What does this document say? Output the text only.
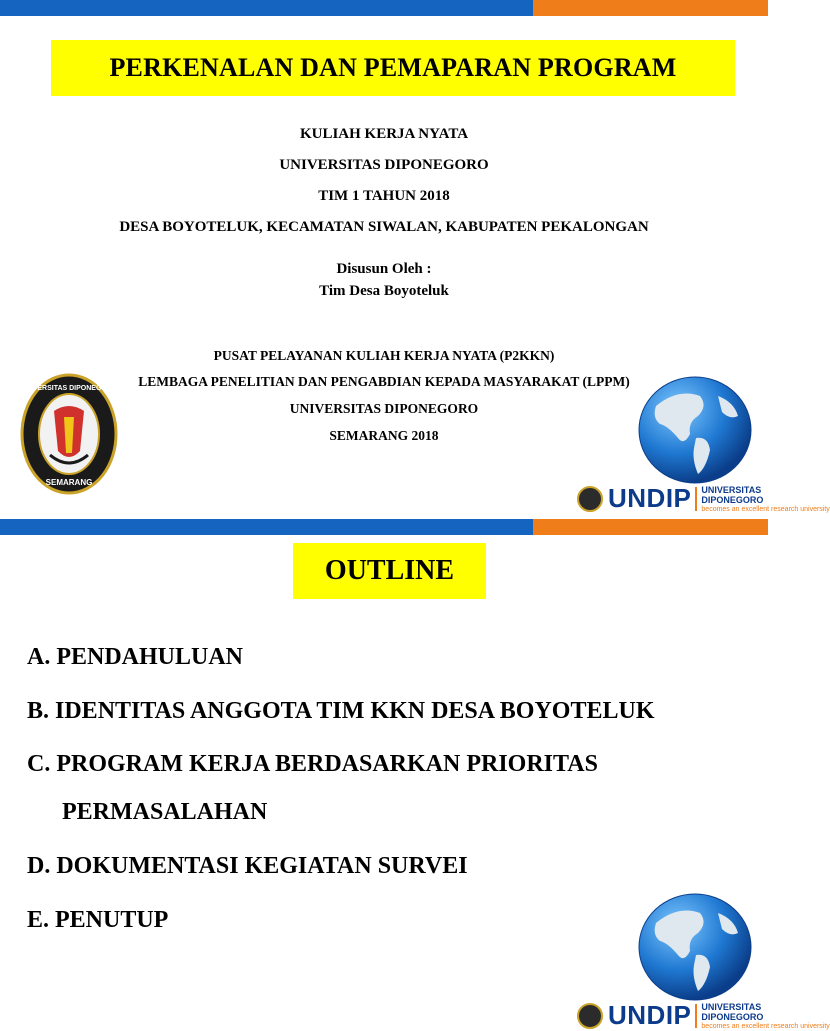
PERKENALAN DAN PEMAPARAN PROGRAM
KULIAH KERJA NYATA
UNIVERSITAS DIPONEGORO
TIM 1 TAHUN 2018
DESA BOYOTELUK, KECAMATAN SIWALAN, KABUPATEN PEKALONGAN
Disusun Oleh :
Tim Desa Boyoteluk
PUSAT PELAYANAN KULIAH KERJA NYATA (P2KKN)
LEMBAGA PENELITIAN DAN PENGABDIAN KEPADA MASYARAKAT (LPPM)
UNIVERSITAS DIPONEGORO
SEMARANG 2018
UNIVERSITAS DIPONEGORO
SEMARANG
UNDIP UNIVERSITAS
DIPONEGORO
becomes an excellent research university
OUTLINE
A. PENDAHULUAN
B. IDENTITAS ANGGOTA TIM KKN DESA BOYOTELUK
C. PROGRAM KERJA BERDASARKAN PRIORITAS
PERMASALAHAN
D. DOKUMENTASI KEGIATAN SURVEI
E. PENUTUP
UNDIP UNIVERSITAS
DIPONEGORO
becomes an excellent research university
